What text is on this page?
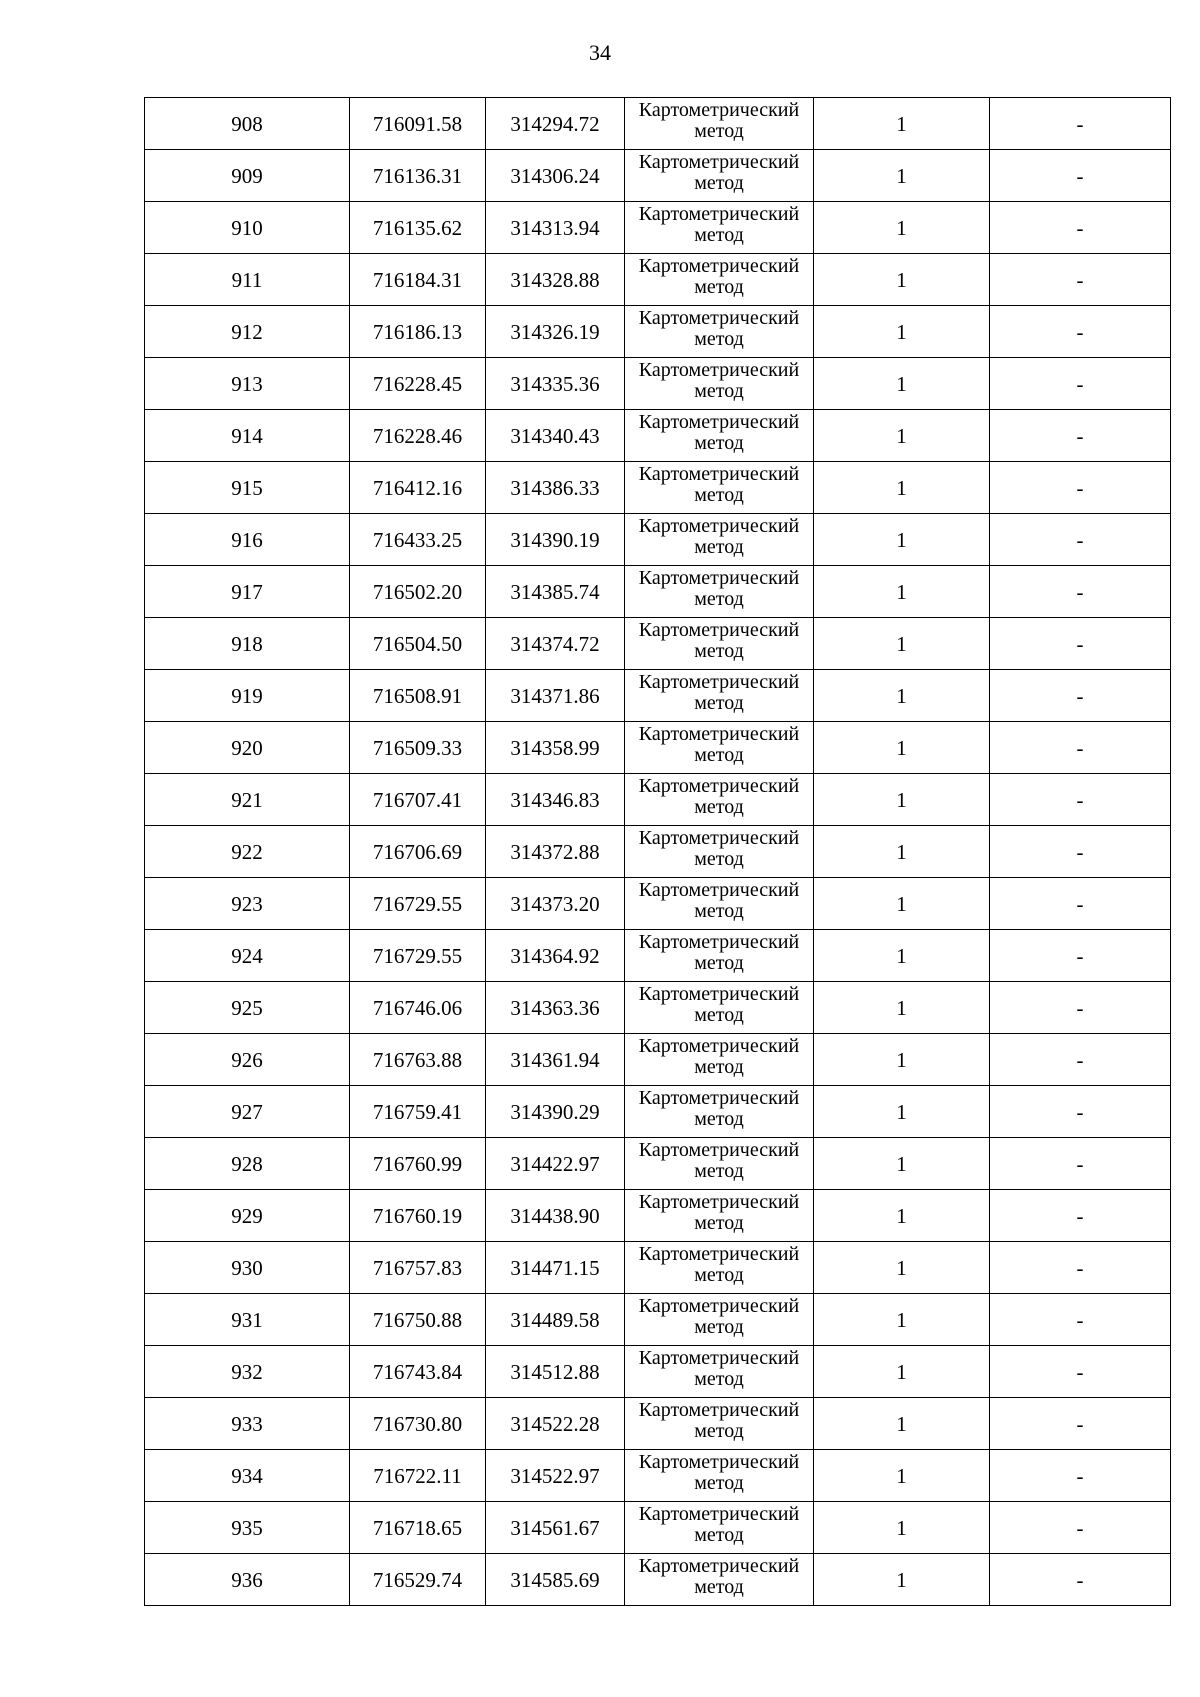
34
908	716091.58	314294.72	Картометрический метод	1	-
909	716136.31	314306.24	Картометрический метод	1	-
910	716135.62	314313.94	Картометрический метод	1	-
911	716184.31	314328.88	Картометрический метод	1	-
912	716186.13	314326.19	Картометрический метод	1	-
913	716228.45	314335.36	Картометрический метод	1	-
914	716228.46	314340.43	Картометрический метод	1	-
915	716412.16	314386.33	Картометрический метод	1	-
916	716433.25	314390.19	Картометрический метод	1	-
917	716502.20	314385.74	Картометрический метод	1	-
918	716504.50	314374.72	Картометрический метод	1	-
919	716508.91	314371.86	Картометрический метод	1	-
920	716509.33	314358.99	Картометрический метод	1	-
921	716707.41	314346.83	Картометрический метод	1	-
922	716706.69	314372.88	Картометрический метод	1	-
923	716729.55	314373.20	Картометрический метод	1	-
924	716729.55	314364.92	Картометрический метод	1	-
925	716746.06	314363.36	Картометрический метод	1	-
926	716763.88	314361.94	Картометрический метод	1	-
927	716759.41	314390.29	Картометрический метод	1	-
928	716760.99	314422.97	Картометрический метод	1	-
929	716760.19	314438.90	Картометрический метод	1	-
930	716757.83	314471.15	Картометрический метод	1	-
931	716750.88	314489.58	Картометрический метод	1	-
932	716743.84	314512.88	Картометрический метод	1	-
933	716730.80	314522.28	Картометрический метод	1	-
934	716722.11	314522.97	Картометрический метод	1	-
935	716718.65	314561.67	Картометрический метод	1	-
936	716529.74	314585.69	Картометрический метод	1	-
